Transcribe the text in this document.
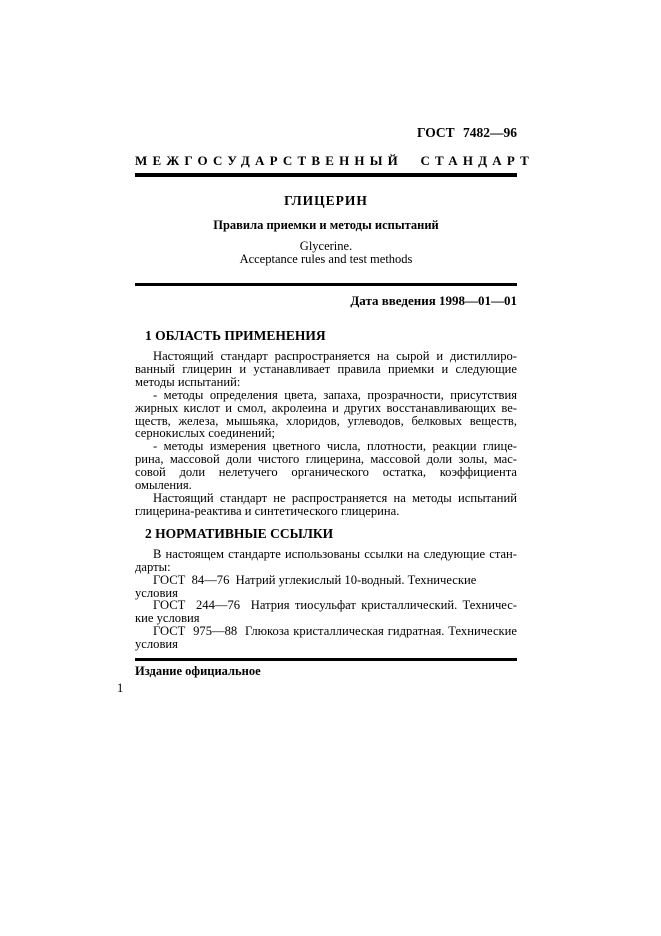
ГОСТ 7482—96
МЕЖГОСУДАРСТВЕННЫЙ СТАНДАРТ
ГЛИЦЕРИН
Правила приемки и методы испытаний
Glycerine.
Acceptance rules and test methods
Дата введения 1998—01—01
1 ОБЛАСТЬ ПРИМЕНЕНИЯ
Настоящий стандарт распространяется на сырой и дистиллиро-
ванный глицерин и устанавливает правила приемки и следующие
методы испытаний:
- методы определения цвета, запаха, прозрачности, присутствия
жирных кислот и смол, акролеина и других восстанавливающих ве-
ществ, железа, мышьяка, хлоридов, углеводов, белковых веществ,
сернокислых соединений;
- методы измерения цветного числа, плотности, реакции глице-
рина, массовой доли чистого глицерина, массовой доли золы, мас-
совой доли нелетучего органического остатка, коэффициента
омыления.
Настоящий стандарт не распространяется на методы испытаний
глицерина-реактива и синтетического глицерина.
2 НОРМАТИВНЫЕ ССЫЛКИ
В настоящем стандарте использованы ссылки на следующие стан-
дарты:
ГОСТ  84—76  Натрий углекислый 10-водный. Технические условия
ГОСТ  244—76  Натрия тиосульфат кристаллический. Техничес-
кие условия
ГОСТ  975—88  Глюкоза кристаллическая гидратная. Технические
условия
Издание официальное
1
